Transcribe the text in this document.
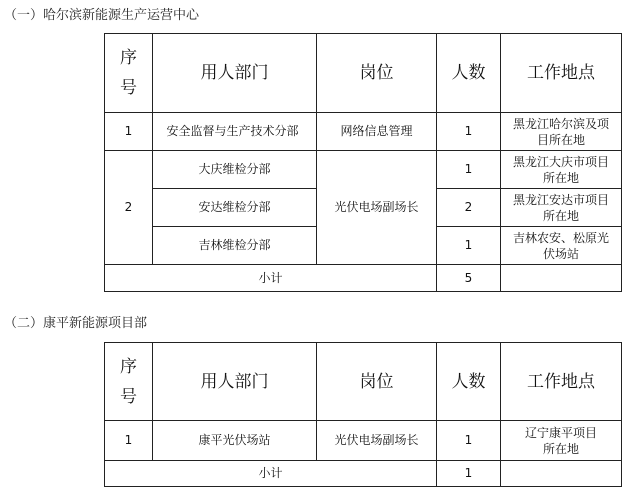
（一）哈尔滨新能源生产运营中心
序号	用人部门	岗位	人数	工作地点
1	安全监督与生产技术分部	网络信息管理	1	黑龙江哈尔滨及项目所在地

2	大庆维检分部	光伏电场副场长	1	黑龙江大庆市项目所在地

	安达维检分部		2	黑龙江安达市项目所在地

	吉林维检分部		1	吉林农安、松原光伏场站

小计			5	
（二）康平新能源项目部
序号	用人部门	岗位	人数	工作地点
1	康平光伏场站	光伏电场副场长	1	辽宁康平项目所在地

小计			1	
